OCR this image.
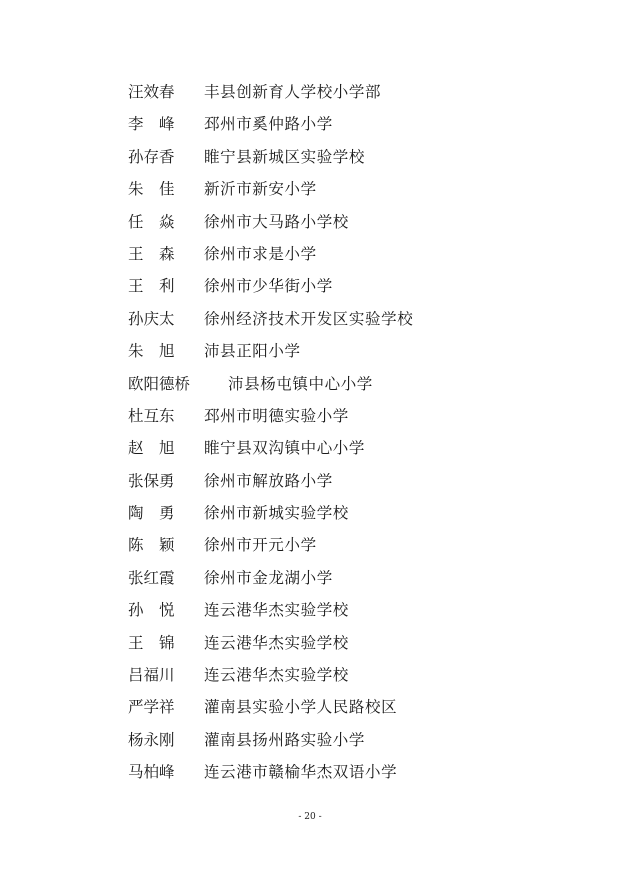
汪效春 丰县创新育人学校小学部
李　峰 邳州市奚仲路小学
孙存香 睢宁县新城区实验学校
朱　佳 新沂市新安小学
任　焱 徐州市大马路小学校
王　森 徐州市求是小学
王　利 徐州市少华街小学
孙庆太 徐州经济技术开发区实验学校
朱　旭 沛县正阳小学
欧阳德桥 沛县杨屯镇中心小学
杜互东 邳州市明德实验小学
赵　旭 睢宁县双沟镇中心小学
张保勇 徐州市解放路小学
陶　勇 徐州市新城实验学校
陈　颖 徐州市开元小学
张红霞 徐州市金龙湖小学
孙　悦 连云港华杰实验学校
王　锦 连云港华杰实验学校
吕福川 连云港华杰实验学校
严学祥 灌南县实验小学人民路校区
杨永刚 灌南县扬州路实验小学
马柏峰 连云港市赣榆华杰双语小学
- 20 -
